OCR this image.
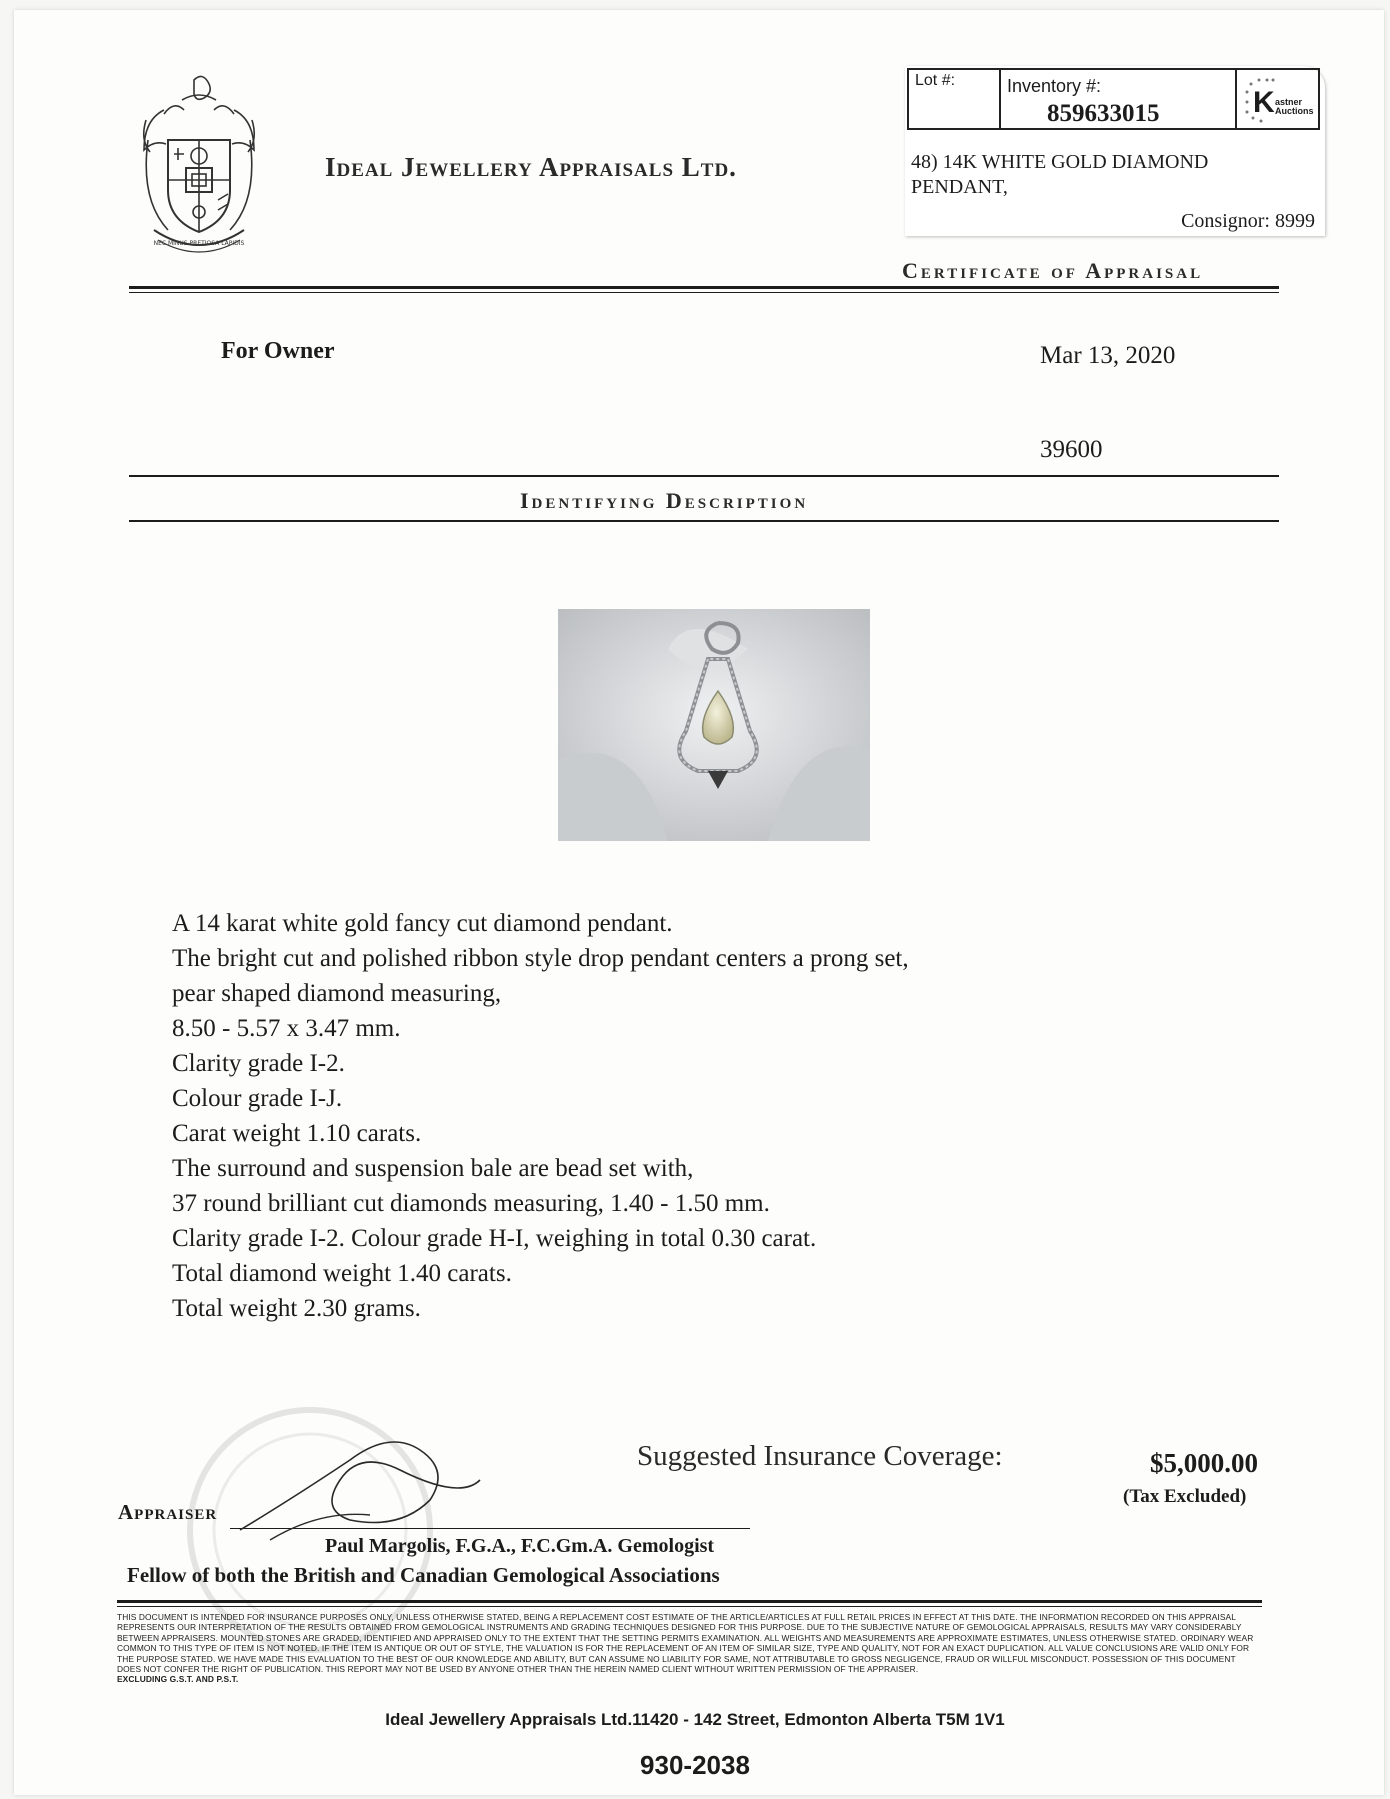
NEC MINUS PRETIOSA LAPIDIS
Ideal Jewellery Appraisals Ltd.
Lot #:	Inventory #:
859633015	K astner
Auctions
48) 14K WHITE GOLD DIAMOND
PENDANT,
Consignor: 8999
Certificate of Appraisal
For Owner	Mar 13, 2020
39600
Identifying Description
A 14 karat white gold fancy cut diamond pendant.
The bright cut and polished ribbon style drop pendant centers a prong set,
pear shaped diamond measuring,
8.50 - 5.57 x 3.47 mm.
Clarity grade I-2.
Colour grade I-J.
Carat weight 1.10 carats.
The surround and suspension bale are bead set with,
37 round brilliant cut diamonds measuring, 1.40 - 1.50 mm.
Clarity grade I-2. Colour grade H-I, weighing in total 0.30 carat.
Total diamond weight 1.40 carats.
Total weight 2.30 grams.
Suggested Insurance Coverage:	$5,000.00
(Tax Excluded)
Appraiser
Paul Margolis, F.G.A., F.C.Gm.A. Gemologist
Fellow of both the British and Canadian Gemological Associations
THIS DOCUMENT IS INTENDED FOR INSURANCE PURPOSES ONLY, UNLESS OTHERWISE STATED, BEING A REPLACEMENT COST ESTIMATE OF THE ARTICLE/ARTICLES AT FULL RETAIL PRICES IN EFFECT AT THIS DATE. THE INFORMATION RECORDED ON THIS APPRAISAL REPRESENTS OUR INTERPRETATION OF THE RESULTS OBTAINED FROM GEMOLOGICAL INSTRUMENTS AND GRADING TECHNIQUES DESIGNED FOR THIS PURPOSE. DUE TO THE SUBJECTIVE NATURE OF GEMOLOGICAL APPRAISALS, RESULTS MAY VARY CONSIDERABLY BETWEEN APPRAISERS. MOUNTED STONES ARE GRADED, IDENTIFIED AND APPRAISED ONLY TO THE EXTENT THAT THE SETTING PERMITS EXAMINATION. ALL WEIGHTS AND MEASUREMENTS ARE APPROXIMATE ESTIMATES, UNLESS OTHERWISE STATED. ORDINARY WEAR COMMON TO THIS TYPE OF ITEM IS NOT NOTED. IF THE ITEM IS ANTIQUE OR OUT OF STYLE, THE VALUATION IS FOR THE REPLACEMENT OF AN ITEM OF SIMILAR SIZE, TYPE AND QUALITY, NOT FOR AN EXACT DUPLICATION. ALL VALUE CONCLUSIONS ARE VALID ONLY FOR THE PURPOSE STATED. WE HAVE MADE THIS EVALUATION TO THE BEST OF OUR KNOWLEDGE AND ABILITY, BUT CAN ASSUME NO LIABILITY FOR SAME, NOT ATTRIBUTABLE TO GROSS NEGLIGENCE, FRAUD OR WILLFUL MISCONDUCT. POSSESSION OF THIS DOCUMENT DOES NOT CONFER THE RIGHT OF PUBLICATION. THIS REPORT MAY NOT BE USED BY ANYONE OTHER THAN THE HEREIN NAMED CLIENT WITHOUT WRITTEN PERMISSION OF THE APPRAISER.
EXCLUDING G.S.T. AND P.S.T.
Ideal Jewellery Appraisals Ltd.11420 - 142 Street, Edmonton Alberta T5M 1V1
930-2038
